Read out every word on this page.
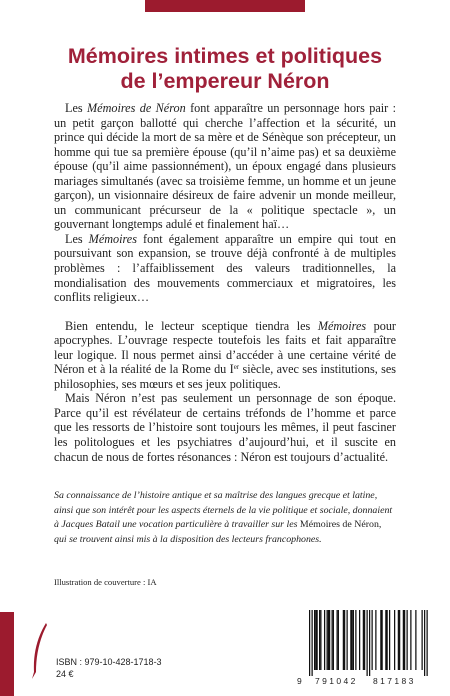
Mémoires intimes et politiques
de l’empereur Néron

Les Mémoires de Néron font apparaître un personnage hors pair : un petit garçon ballotté qui cherche l’affection et la sécurité, un prince qui décide la mort de sa mère et de Sénèque son précepteur, un homme qui tue sa première épouse (qu’il n’aime pas) et sa deuxième épouse (qu’il aime passionnément), un époux engagé dans plusieurs mariages simultanés (avec sa troisième femme, un homme et un jeune garçon), un visionnaire désireux de faire advenir un monde meilleur, un communicant précurseur de la « politique spectacle », un gouvernant longtemps adulé et finalement haï…

Les Mémoires font également apparaître un empire qui tout en poursuivant son expansion, se trouve déjà confronté à de multiples problèmes : l’affaiblissement des valeurs traditionnelles, la mondialisation des mouvements commerciaux et migratoires, les conflits religieux…

Bien entendu, le lecteur sceptique tiendra les Mémoires pour apocryphes. L’ouvrage respecte toutefois les faits et fait apparaître leur logique. Il nous permet ainsi d’accéder à une certaine vérité de Néron et à la réalité de la Rome du Ier siècle, avec ses institutions, ses philosophies, ses mœurs et ses jeux politiques.

Mais Néron n’est pas seulement un personnage de son époque. Parce qu’il est révélateur de certains tréfonds de l’homme et parce que les ressorts de l’histoire sont toujours les mêmes, il peut fasciner les politologues et les psychiatres d’aujourd’hui, et il suscite en chacun de nous de fortes résonances : Néron est toujours d’actualité.

Sa connaissance de l’histoire antique et sa maîtrise des langues grecque et latine, ainsi que son intérêt pour les aspects éternels de la vie politique et sociale, donnaient à Jacques Batail une vocation particulière à travailler sur les Mémoires de Néron, qui se trouvent ainsi mis à la disposition des lecteurs francophones.
Illustration de couverture : IA
ISBN : 979-10-428-1718-3
24 €
9 791042 817183
